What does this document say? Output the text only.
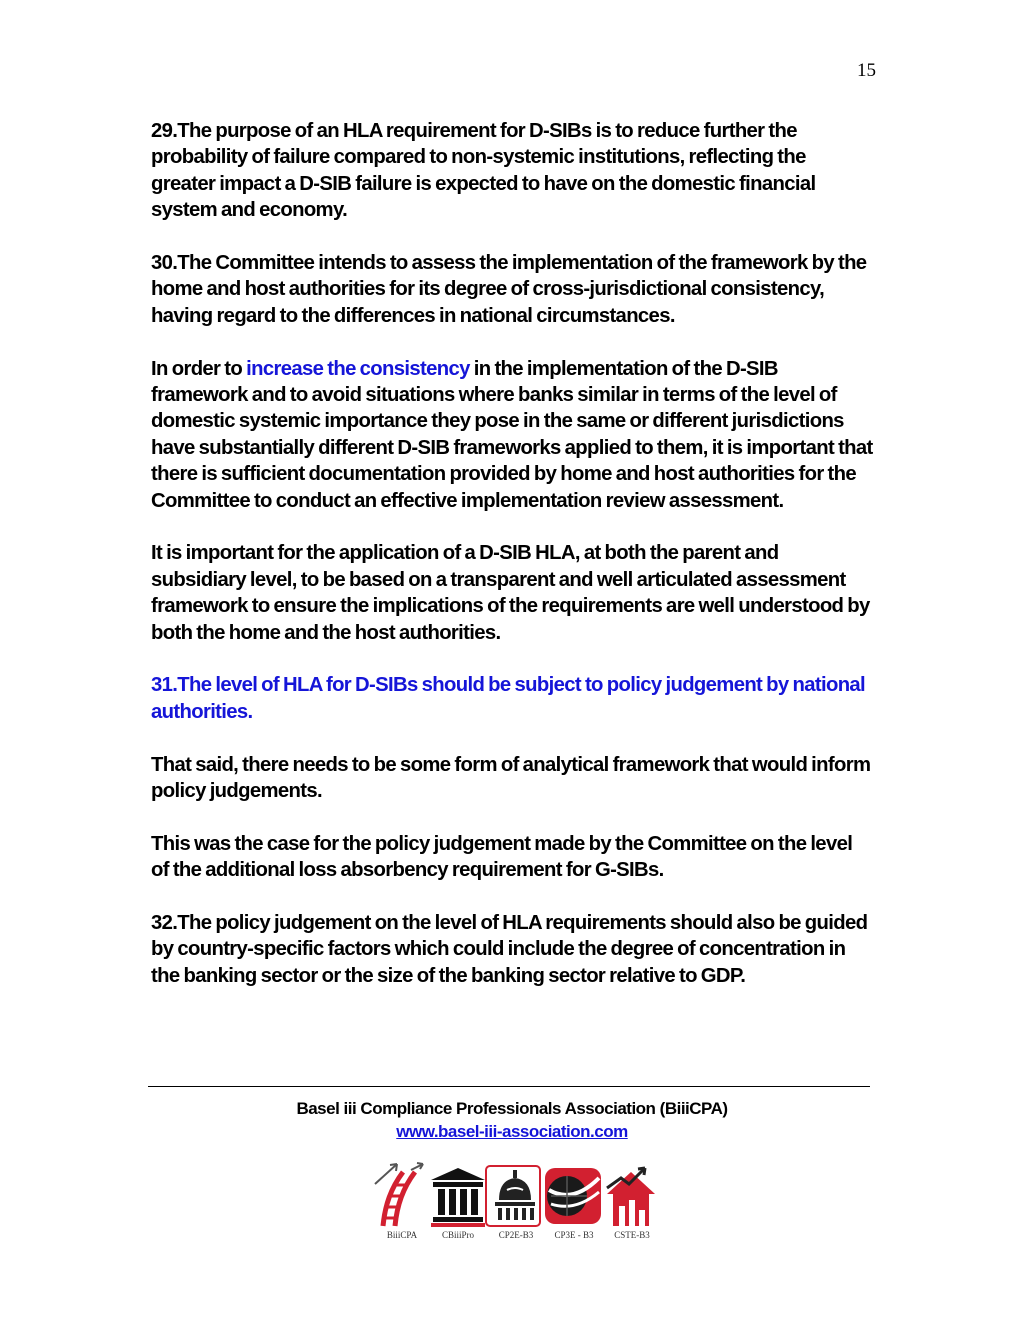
15

29.The purpose of an HLA requirement for D-SIBs is to reduce further the probability of failure compared to non-systemic institutions, reflecting the greater impact a D-SIB failure is expected to have on the domestic financial system and economy.

30.The Committee intends to assess the implementation of the framework by the home and host authorities for its degree of cross-jurisdictional consistency, having regard to the differences in national circumstances.

In order to increase the consistency in the implementation of the D-SIB framework and to avoid situations where banks similar in terms of the level of domestic systemic importance they pose in the same or different jurisdictions have substantially different D-SIB frameworks applied to them, it is important that there is sufficient documentation provided by home and host authorities for the Committee to conduct an effective implementation review assessment.

It is important for the application of a D-SIB HLA, at both the parent and subsidiary level, to be based on a transparent and well articulated assessment framework to ensure the implications of the requirements are well understood by both the home and the host authorities.

31.The level of HLA for D-SIBs should be subject to policy judgement by national authorities.

That said, there needs to be some form of analytical framework that would inform policy judgements.

This was the case for the policy judgement made by the Committee on the level of the additional loss absorbency requirement for G-SIBs.

32.The policy judgement on the level of HLA requirements should also be guided by country-specific factors which could include the degree of concentration in the banking sector or the size of the banking sector relative to GDP.

Basel iii Compliance Professionals Association (BiiiCPA)
www.basel-iii-association.com
BiiiCPA	CBiiiPro	CP2E-B3	CP3E - B3	CSTE-B3
